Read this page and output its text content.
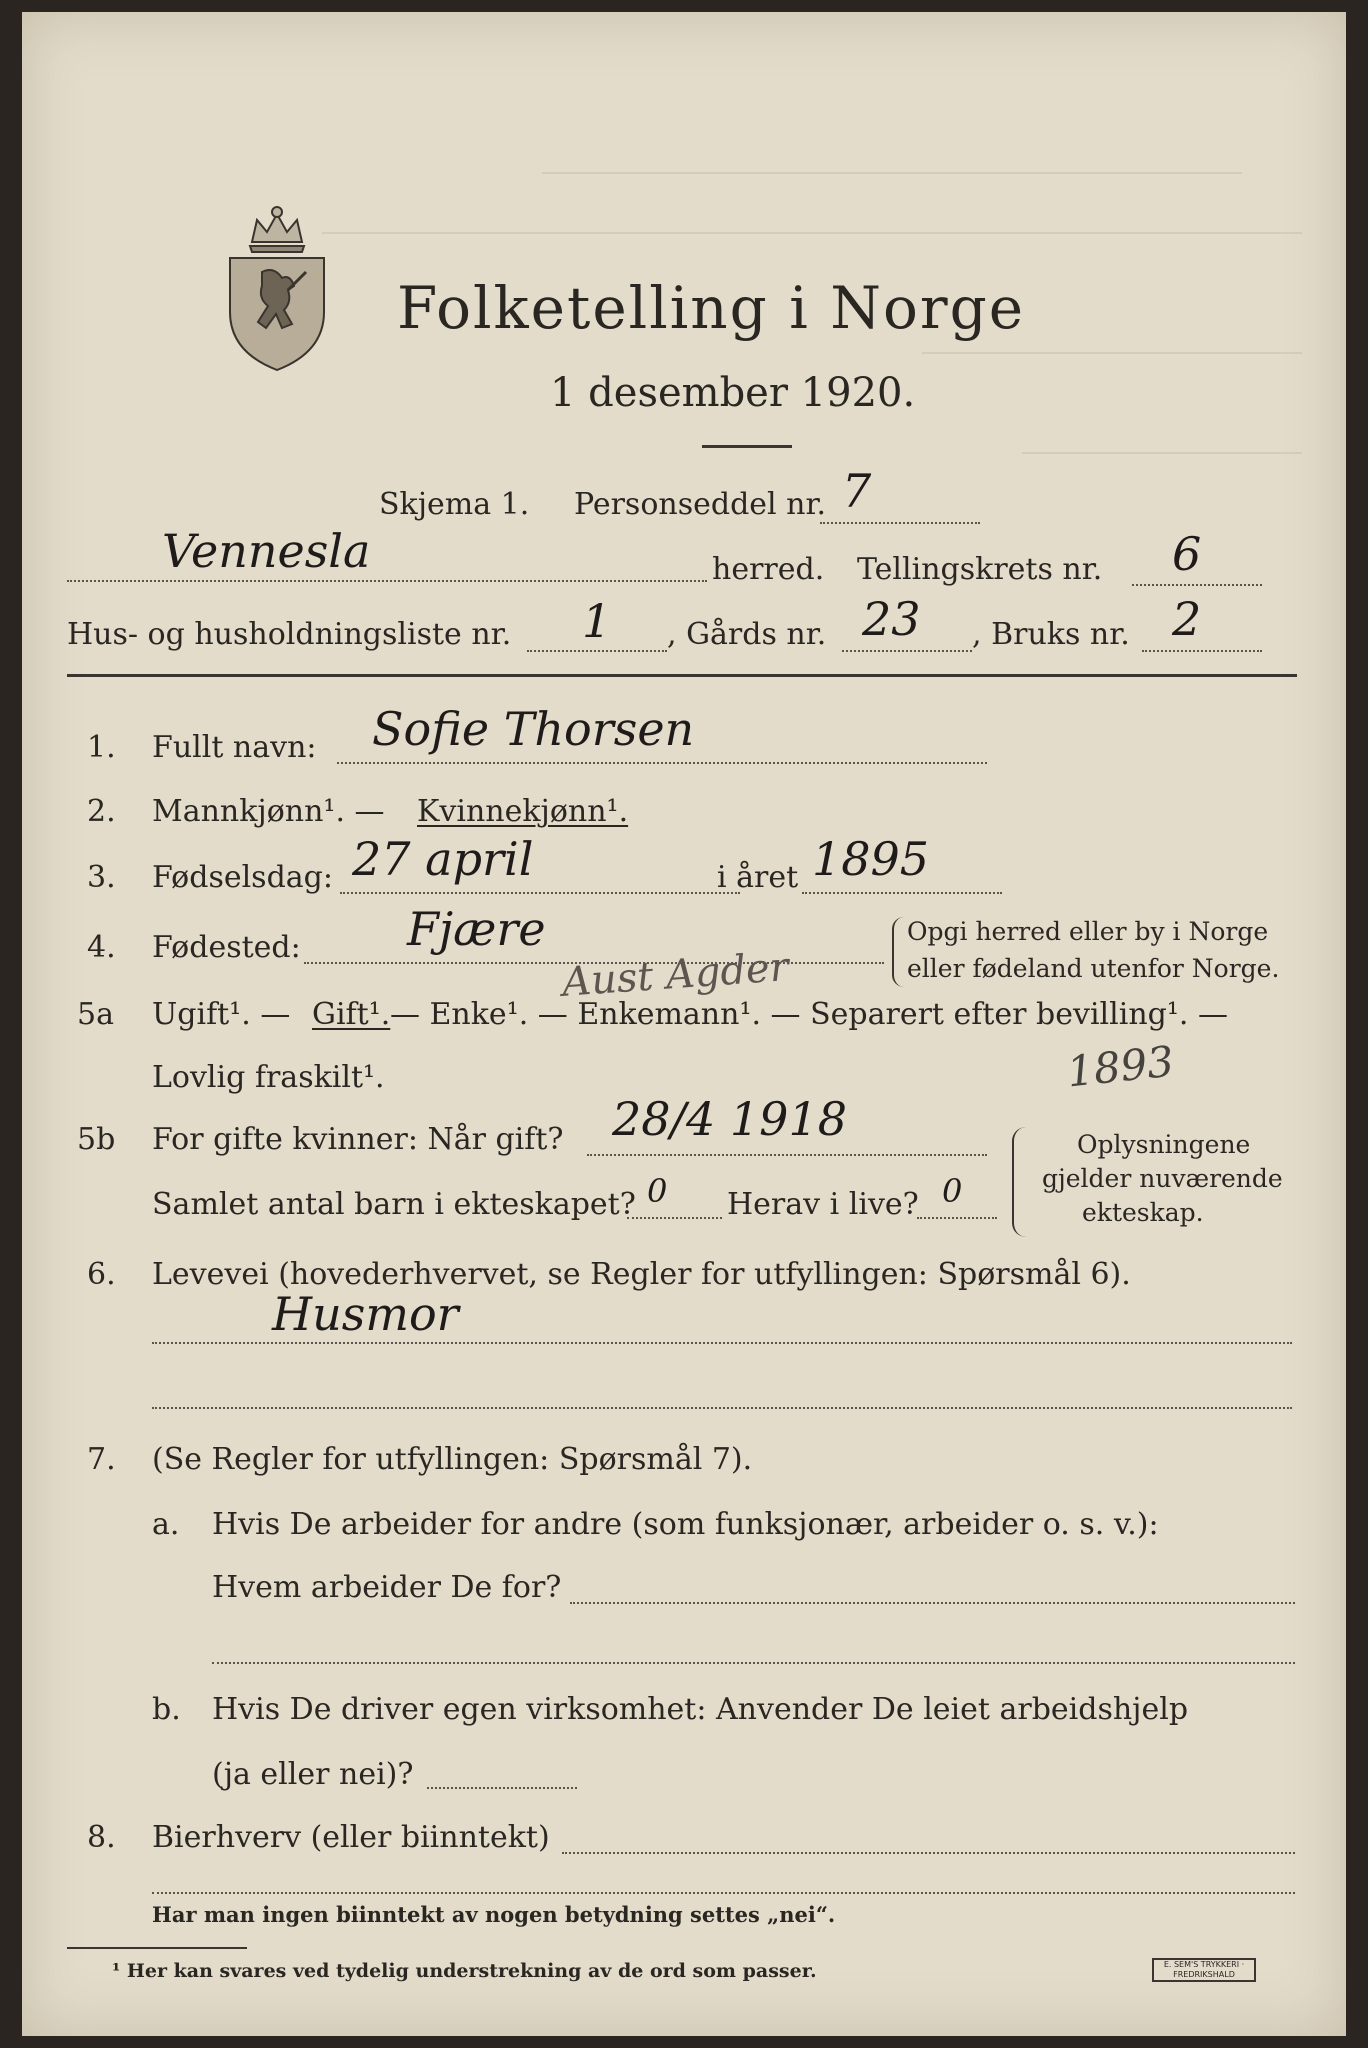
Folketelling i Norge
1 desember 1920.
Skjema 1. Personseddel nr. 7
Vennesla	herred. Tellingskrets nr. 6
Hus- og husholdningsliste nr. 1 , Gårds nr. 23 , Bruks nr. 2
1. Fullt navn: Sofie Thorsen
2. Mannkjønn¹. — Kvinnekjønn¹.
3. Fødselsdag: 27 april	i året 1895
4. Fødested: Fjære	Opgi herred eller by i Norge
eller fødeland utenfor Norge.
Aust Agder
5a Ugift¹. — Gift¹. — Enke¹. — Enkemann¹. — Separert efter bevilling¹. —
Lovlig fraskilt¹.	1893
5b For gifte kvinner: Når gift? 28/4 1918
Samlet antal barn i ekteskapet? 0 Herav i live? 0
Oplysningene
gjelder nuværende
ekteskap.
6. Levevei (hovederhvervet, se Regler for utfyllingen: Spørsmål 6).
Husmor
7. (Se Regler for utfyllingen: Spørsmål 7).
a. Hvis De arbeider for andre (som funksjonær, arbeider o. s. v.):
Hvem arbeider De for?
b. Hvis De driver egen virksomhet: Anvender De leiet arbeidshjelp
(ja eller nei)?
8. Bierhverv (eller biinntekt)
Har man ingen biinntekt av nogen betydning settes „nei“.
¹ Her kan svares ved tydelig understrekning av de ord som passer.	E. SEM'S TRYKKERI · FREDRIKSHALD
